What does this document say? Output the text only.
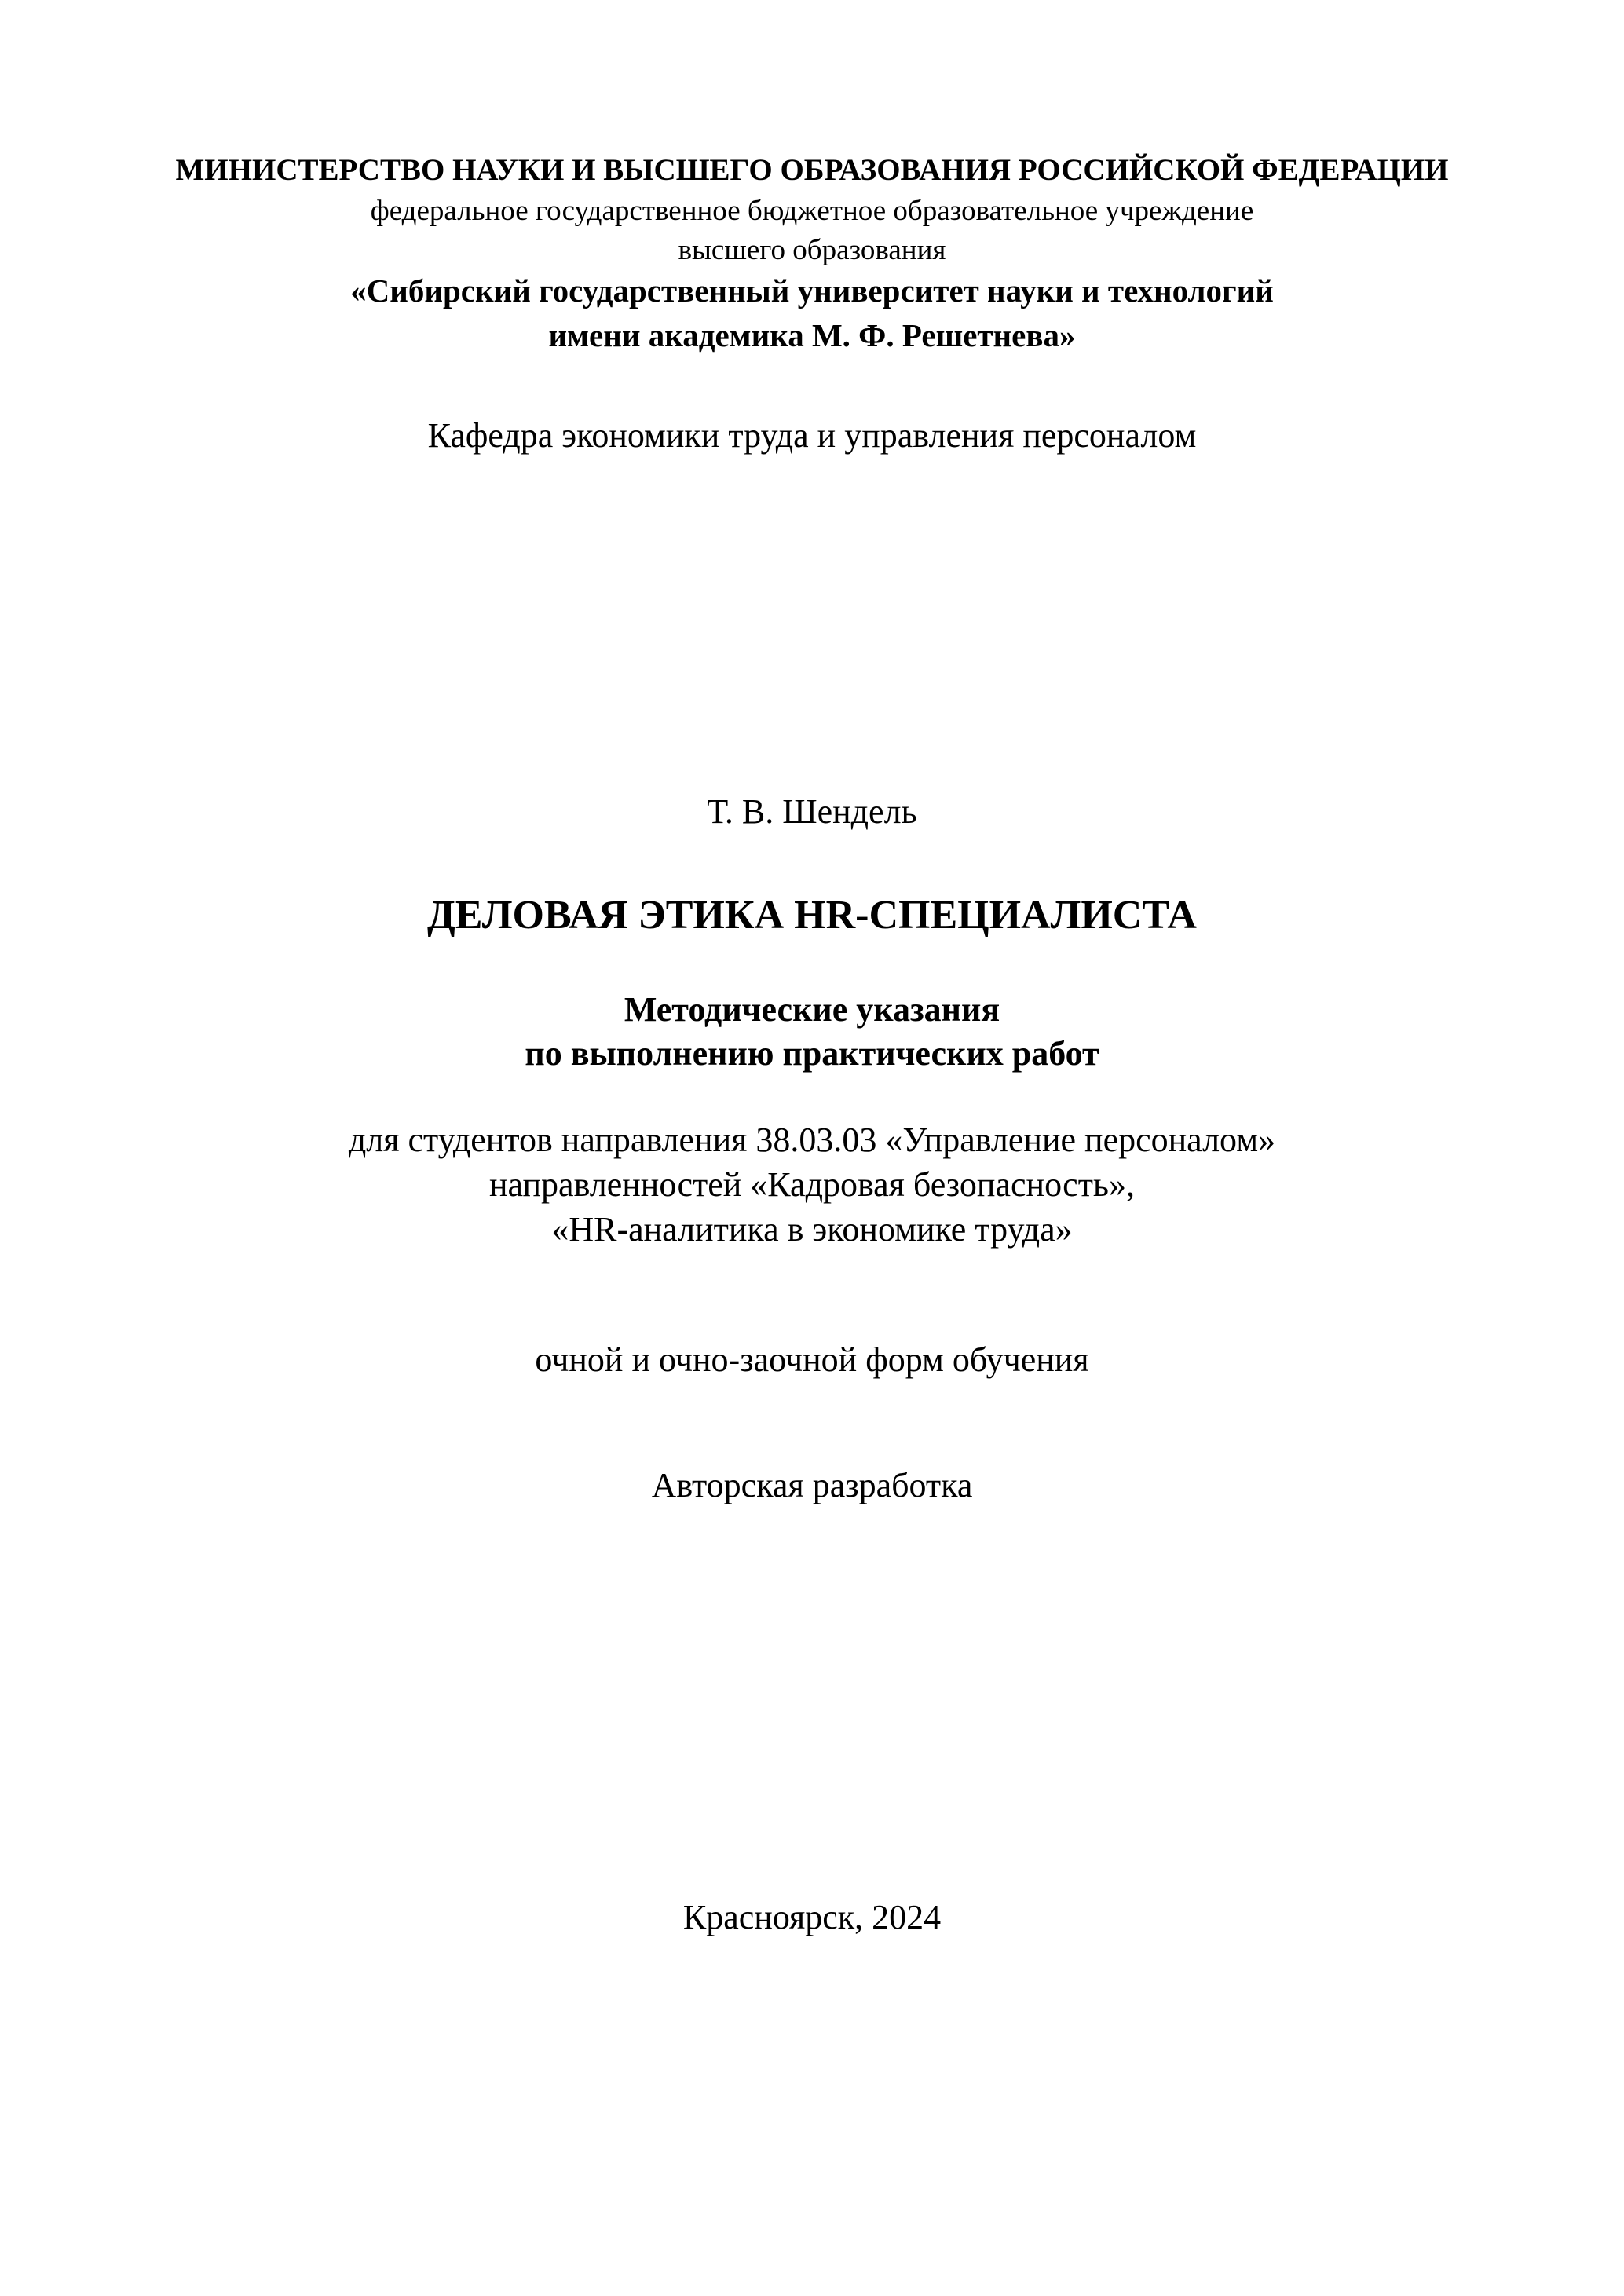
МИНИСТЕРСТВО НАУКИ И ВЫСШЕГО ОБРАЗОВАНИЯ РОССИЙСКОЙ ФЕДЕРАЦИИ
федеральное государственное бюджетное образовательное учреждение
высшего образования
«Сибирский государственный университет науки и технологий
имени академика М. Ф. Решетнева»
Кафедра экономики труда и управления персоналом
Т. В. Шендель
ДЕЛОВАЯ ЭТИКА HR-СПЕЦИАЛИСТА
Методические указания
по выполнению практических работ
для студентов направления 38.03.03 «Управление персоналом»
направленностей «Кадровая безопасность»,
«HR-аналитика в экономике труда»
очной и очно-заочной форм обучения
Авторская разработка
Красноярск, 2024
